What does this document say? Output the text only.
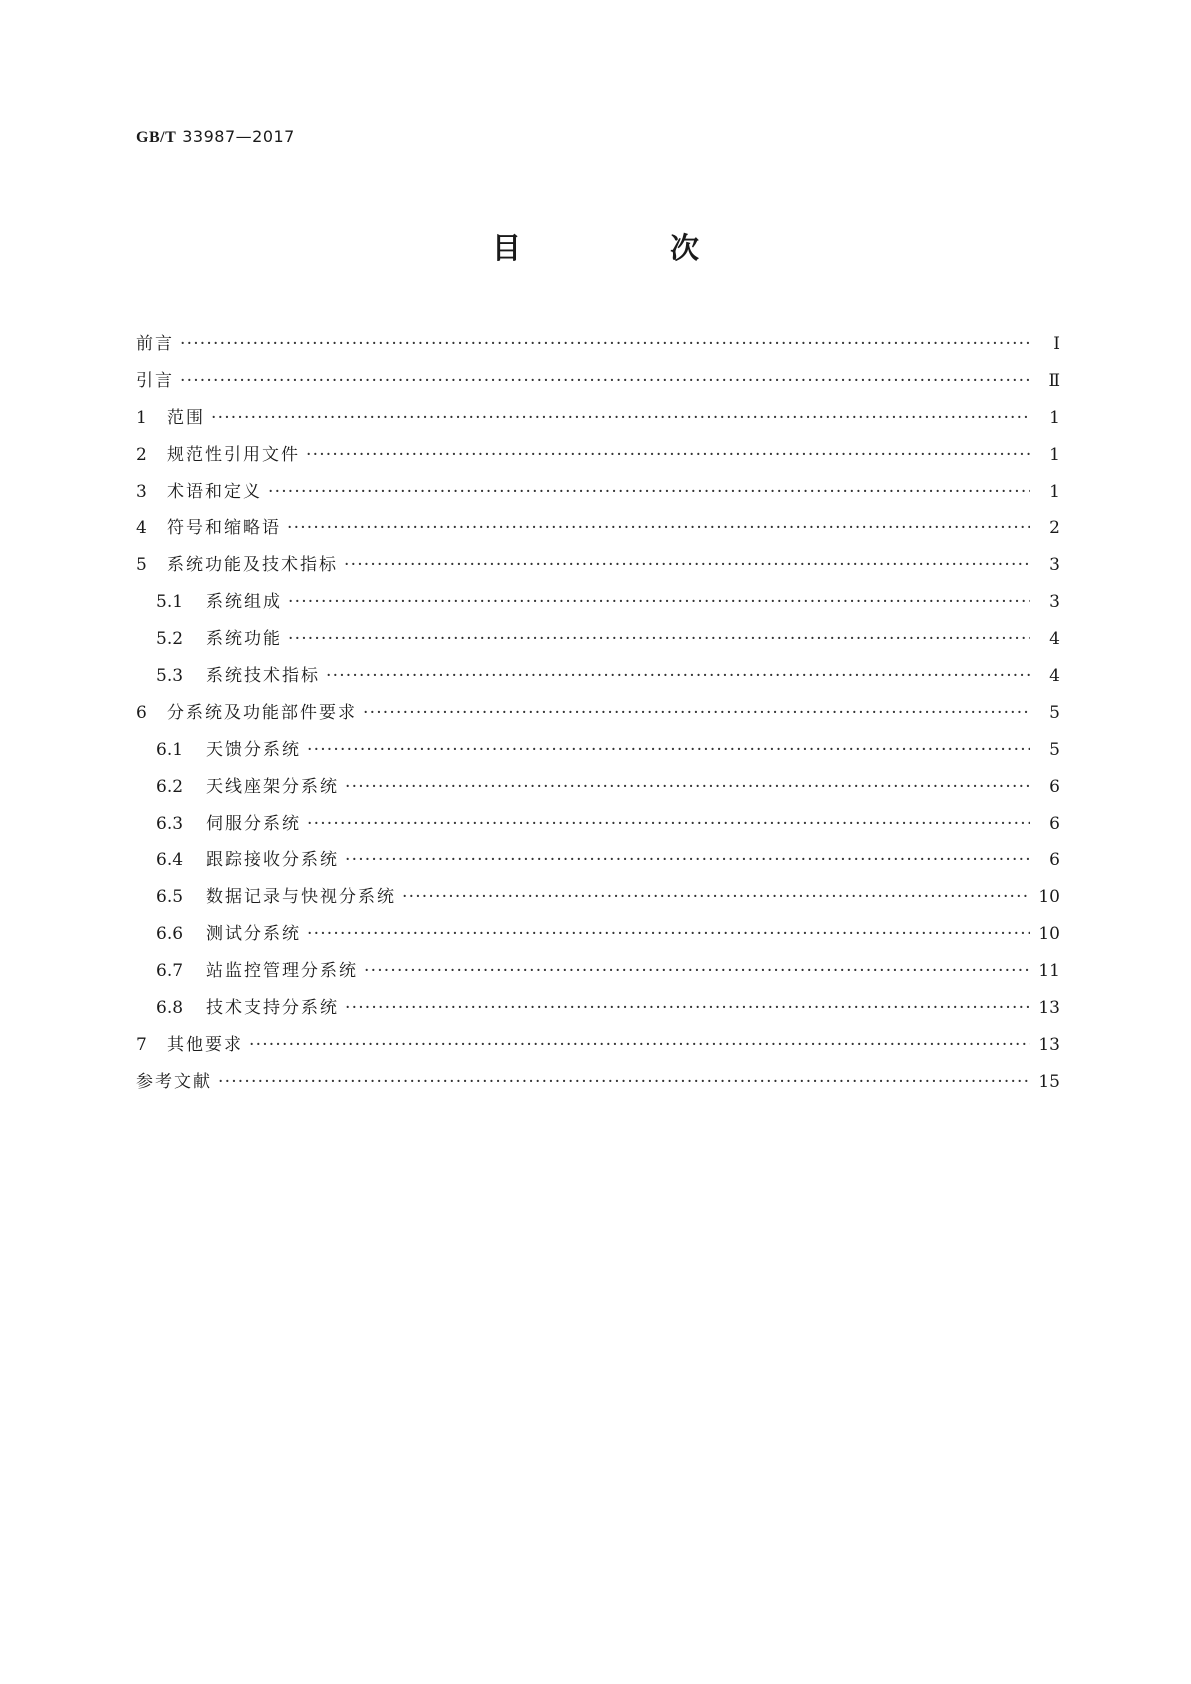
GB/T 33987—2017
目　次
前言 ·····	Ⅰ
引言 ·····	Ⅱ
1	范围 ·····	1
2	规范性引用文件 ·····	1
3	术语和定义 ·····	1
4	符号和缩略语 ·····	2
5	系统功能及技术指标 ·····	3
5.1	系统组成 ·····	3
5.2	系统功能 ·····	4
5.3	系统技术指标 ·····	4
6	分系统及功能部件要求 ·····	5
6.1	天馈分系统 ·····	5
6.2	天线座架分系统 ·····	6
6.3	伺服分系统 ·····	6
6.4	跟踪接收分系统 ·····	6
6.5	数据记录与快视分系统 ·····	10
6.6	测试分系统 ·····	10
6.7	站监控管理分系统 ·····	11
6.8	技术支持分系统 ·····	13
7	其他要求 ·····	13
参考文献 ·····	15
